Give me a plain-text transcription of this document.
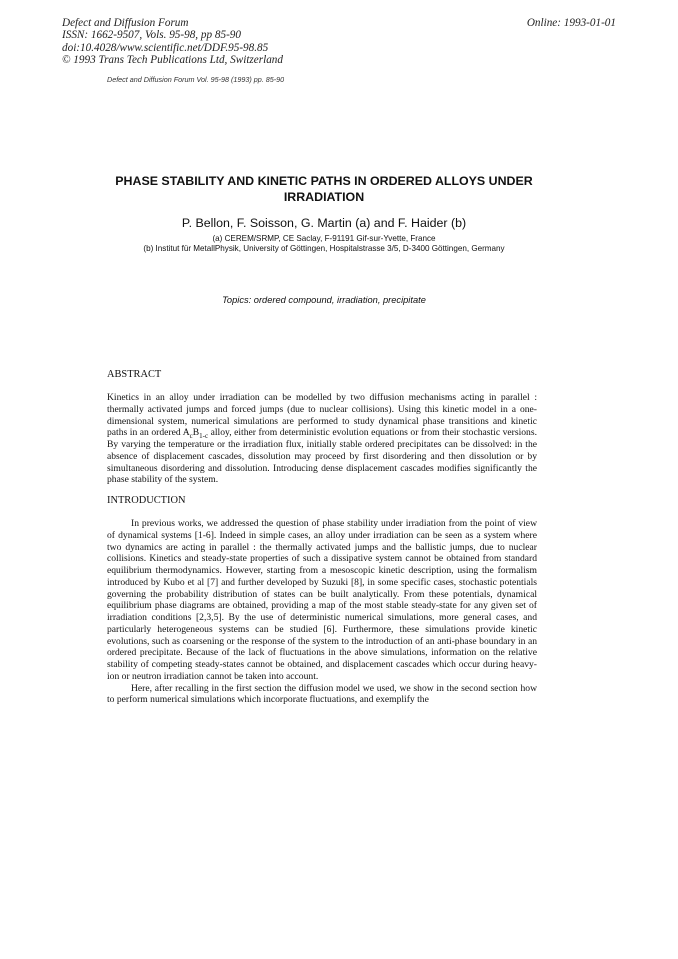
Defect and Diffusion Forum
ISSN: 1662-9507, Vols. 95-98, pp 85-90
doi:10.4028/www.scientific.net/DDF.95-98.85
© 1993 Trans Tech Publications Ltd, Switzerland
Online: 1993-01-01
Defect and Diffusion Forum Vol. 95-98 (1993) pp. 85-90
PHASE STABILITY AND KINETIC PATHS IN ORDERED ALLOYS UNDER IRRADIATION
P. Bellon, F. Soisson, G. Martin (a) and F. Haider (b)
(a) CEREM/SRMP, CE Saclay, F-91191 Gif-sur-Yvette, France
(b) Institut für MetallPhysik, University of Göttingen, Hospitalstrasse 3/5, D-3400 Göttingen, Germany
Topics: ordered compound, irradiation, precipitate
ABSTRACT
Kinetics in an alloy under irradiation can be modelled by two diffusion mechanisms acting in parallel : thermally activated jumps and forced jumps (due to nuclear collisions). Using this kinetic model in a one-dimensional system, numerical simulations are performed to study dynamical phase transitions and kinetic paths in an ordered $A_cB_{1-c}$ alloy, either from deterministic evolution equations or from their stochastic versions. By varying the temperature or the irradiation flux, initially stable ordered precipitates can be dissolved: in the absence of displacement cascades, dissolution may proceed by first disordering and then dissolution or by simultaneous disordering and dissolution. Introducing dense displacement cascades modifies significantly the phase stability of the system.
INTRODUCTION

In previous works, we addressed the question of phase stability under irradiation from the point of view of dynamical systems [1-6]. Indeed in simple cases, an alloy under irradiation can be seen as a system where two dynamics are acting in parallel : the thermally activated jumps and the ballistic jumps, due to nuclear collisions. Kinetics and steady-state properties of such a dissipative system cannot be obtained from standard equilibrium thermodynamics. However, starting from a mesoscopic kinetic description, using the formalism introduced by Kubo et al [7] and further developed by Suzuki [8], in some specific cases, stochastic potentials governing the probability distribution of states can be built analytically. From these potentials, dynamical equilibrium phase diagrams are obtained, providing a map of the most stable steady-state for any given set of irradiation conditions [2,3,5]. By the use of deterministic numerical simulations, more general cases, and particularly heterogeneous systems can be studied [6]. Furthermore, these simulations provide kinetic evolutions, such as coarsening or the response of the system to the introduction of an anti-phase boundary in an ordered precipitate. Because of the lack of fluctuations in the above simulations, information on the relative stability of competing steady-states cannot be obtained, and displacement cascades which occur during heavy-ion or neutron irradiation cannot be taken into account.

Here, after recalling in the first section the diffusion model we used, we show in the second section how to perform numerical simulations which incorporate fluctuations, and exemplify the
